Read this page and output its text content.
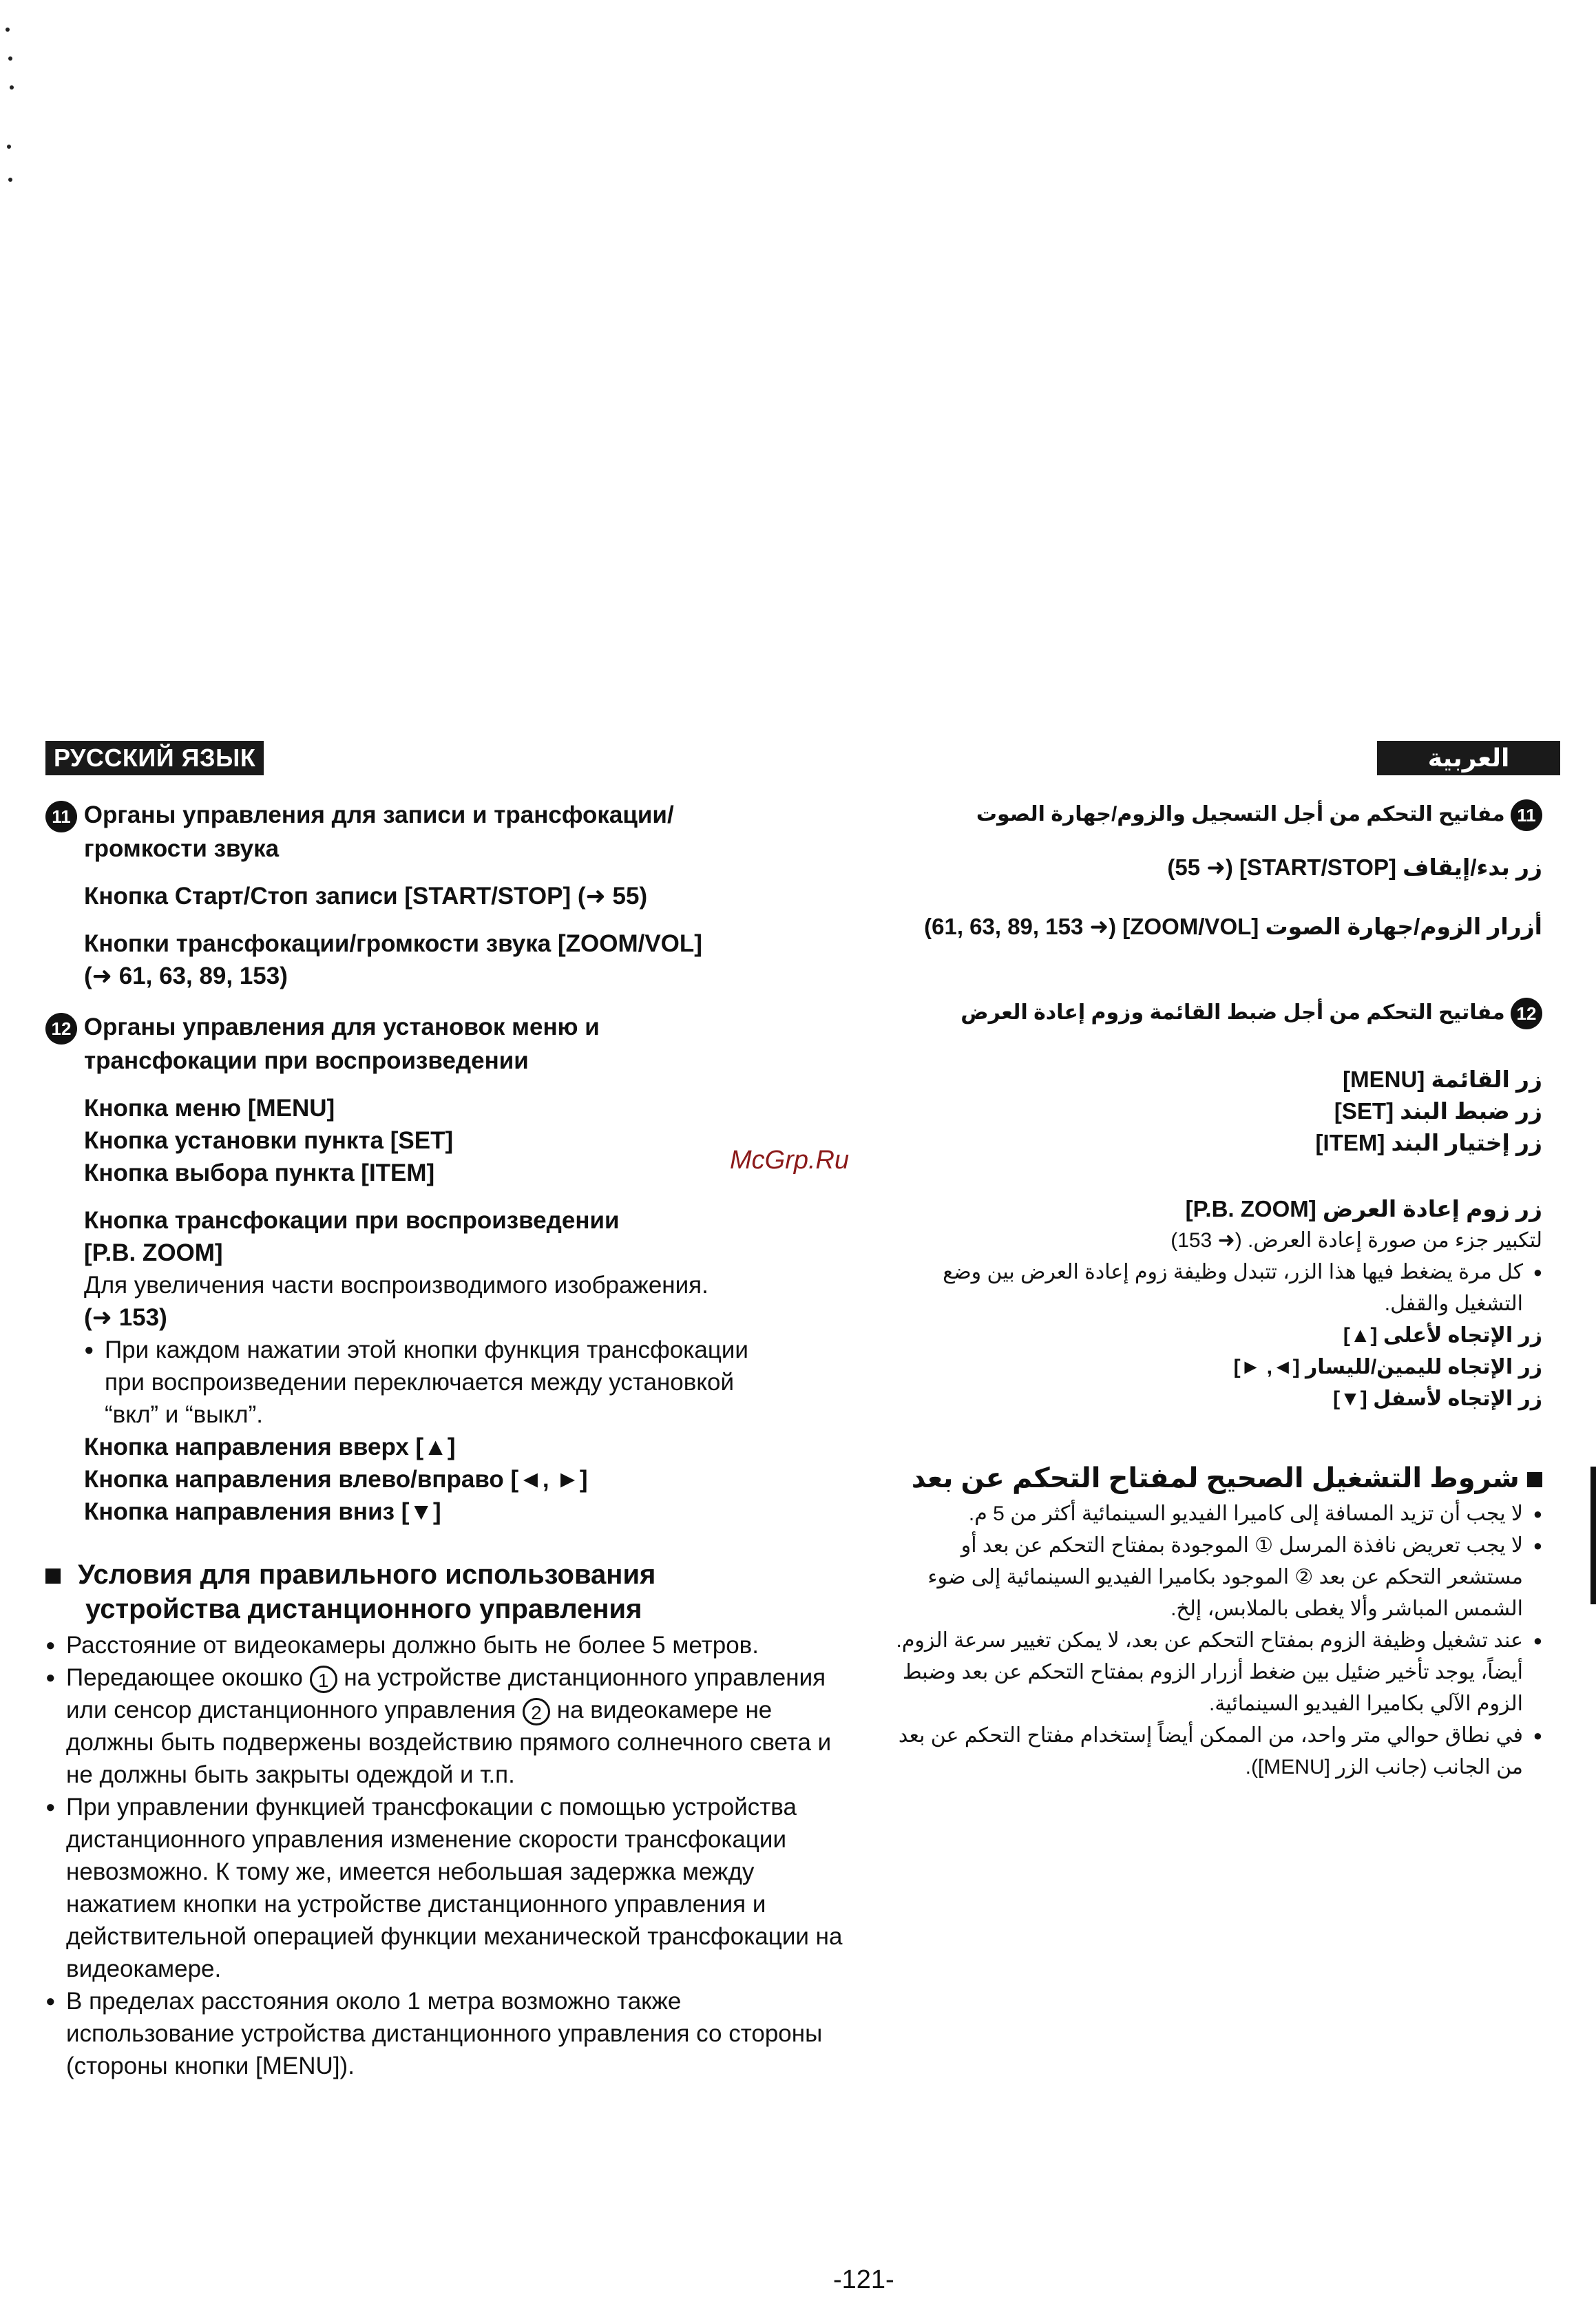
РУССКИЙ ЯЗЫК	العربية
11 Органы управления для записи и трансфокации/
громкости звука
Кнопка Старт/Стоп записи [START/STOP] (➜ 55)
Кнопки трансфокации/громкости звука [ZOOM/VOL]
(➜ 61, 63, 89, 153)
12 Органы управления для установок меню и
трансфокации при воспроизведении
Кнопка меню [MENU]
Кнопка установки пункта [SET]
Кнопка выбора пункта [ITEM]
Кнопка трансфокации при воспроизведении
[P.B. ZOOM]
Для увеличения части воспроизводимого изображения.
(➜ 153)
● При каждом нажатии этой кнопки функция трансфокации
при воспроизведении переключается между установкой
“вкл” и “выкл”.
Кнопка направления вверх [▲]
Кнопка направления влево/вправо [◄, ►]
Кнопка направления вниз [▼]
Условия для правильного использования
устройства дистанционного управления
● Расстояние от видеокамеры должно быть не более 5 метров.
● Передающее окошко 1 на устройстве дистанционного управления или сенсор дистанционного управления 2 на видеокамере не должны быть подвержены воздействию прямого солнечного света и не должны быть закрыты одеждой и т.п.
● При управлении функцией трансфокации с помощью устройства дистанционного управления изменение скорости трансфокации невозможно. К тому же, имеется небольшая задержка между нажатием кнопки на устройстве дистанционного управления и действительной операцией функции механической трансфокации на видеокамере.
● В пределах расстояния около 1 метра возможно также использование устройства дистанционного управления со стороны (стороны кнопки [MENU]).
McGrp.Ru
11 مفاتيح التحكم من أجل التسجيل والزوم/جهارة الصوت
زر بدء/إيقاف [START/STOP] (➜ 55)
أزرار الزوم/جهارة الصوت [ZOOM/VOL] (➜ 61, 63, 89, 153)
12 مفاتيح التحكم من أجل ضبط القائمة وزوم إعادة العرض
زر القائمة [MENU]
زر ضبط البند [SET]
زر إختيار البند [ITEM]
زر زوم إعادة العرض [P.B. ZOOM]
لتكبير جزء من صورة إعادة العرض. (➜ 153)
● كل مرة يضغط فيها هذا الزر، تتبدل وظيفة زوم إعادة العرض بين وضع التشغيل والقفل.
زر الإتجاه لأعلى [▲]
زر الإتجاه لليمين/لليسار [◄, ►]
زر الإتجاه لأسفل [▼]
شروط التشغيل الصحيح لمفتاح التحكم عن بعد
● لا يجب أن تزيد المسافة إلى كاميرا الفيديو السينمائية أكثر من 5 م.
● لا يجب تعريض نافذة المرسل ① الموجودة بمفتاح التحكم عن بعد أو مستشعر التحكم عن بعد ② الموجود بكاميرا الفيديو السينمائية إلى ضوء الشمس المباشر وألا يغطى بالملابس، إلخ.
● عند تشغيل وظيفة الزوم بمفتاح التحكم عن بعد، لا يمكن تغيير سرعة الزوم. أيضاً، يوجد تأخير ضئيل بين ضغط أزرار الزوم بمفتاح التحكم عن بعد وضبط الزوم الآلي بكاميرا الفيديو السينمائية.
● في نطاق حوالي متر واحد، من الممكن أيضاً إستخدام مفتاح التحكم عن بعد من الجانب (جانب الزر [MENU]).
-121-
